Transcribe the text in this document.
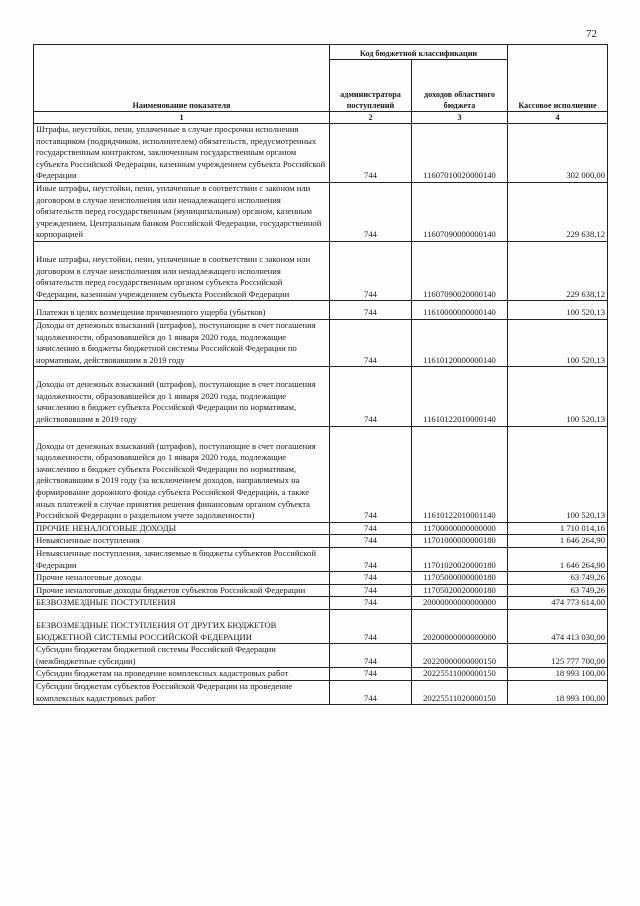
72
Наименование показателя	Код бюджетной классификации		Кассовое исполнение
	администратора поступлений	доходов областного бюджета	
1	2	3	4
Штрафы, неустойки, пени, уплаченные в случае просрочки исполнения поставщиком (подрядчиком, исполнителем) обязательств, предусмотренных государственным контрактом, заключенным государственным органом субъекта Российской Федерации, казенным учреждением субъекта Российской Федерации	744	11607010020000140	302 000,00
Иные штрафы, неустойки, пени, уплаченные в соответствии с законом или договором в случае неисполнения или ненадлежащего исполнения обязательств перед государственным (муниципальным) органом, казенным учреждением, Центральным банком Российской Федерации, государственной корпорацией	744	11607090000000140	229 638,12
Иные штрафы, неустойки, пени, уплаченные в соответствии с законом или договором в случае неисполнения или ненадлежащего исполнения обязательств перед государственным органом субъекта Российской Федерации, казенным учреждением субъекта Российской Федерации	744	11607090020000140	229 638,12
Платежи в целях возмещения причиненного ущерба (убытков)	744	11610000000000140	100 520,13
Доходы от денежных взысканий (штрафов), поступающие в счет погашения задолженности, образовавшейся до 1 января 2020 года, подлежащие зачислению в бюджеты бюджетной системы Российской Федерации по нормативам, действовавшим в 2019 году	744	11610120000000140	100 520,13
Доходы от денежных взысканий (штрафов), поступающие в счет погашения задолженности, образовавшейся до 1 января 2020 года, подлежащие зачислению в бюджет субъекта Российской Федерации по нормативам, действовавшим в 2019 году	744	11610122010000140	100 520,13
Доходы от денежных взысканий (штрафов), поступающие в счет погашения задолженности, образовавшейся до 1 января 2020 года, подлежащие зачислению в бюджет субъекта Российской Федерации по нормативам, действовавшим в 2019 году (за исключением доходов, направляемых на формирование дорожного фонда субъекта Российской Федерации, а также иных платежей в случае принятия решения финансовым органом субъекта Российской Федерации о раздельном учете задолженности)	744	11610122010001140	100 520,13
ПРОЧИЕ НЕНАЛОГОВЫЕ ДОХОДЫ	744	11700000000000000	1 710 014,16
Невыясненные поступления	744	11701000000000180	1 646 264,90
Невыясненные поступления, зачисляемые в бюджеты субъектов Российской Федерации	744	11701020020000180	1 646 264,90
Прочие неналоговые доходы	744	11705000000000180	63 749,26
Прочие неналоговые доходы бюджетов субъектов Российской Федерации	744	11705020020000180	63 749,26
БЕЗВОЗМЕЗДНЫЕ ПОСТУПЛЕНИЯ	744	20000000000000000	474 773 614,00
БЕЗВОЗМЕЗДНЫЕ ПОСТУПЛЕНИЯ ОТ ДРУГИХ БЮДЖЕТОВ БЮДЖЕТНОЙ СИСТЕМЫ РОССИЙСКОЙ ФЕДЕРАЦИИ	744	20200000000000000	474 413 030,00
Субсидии бюджетам бюджетной системы Российской Федерации (межбюджетные субсидии)	744	20220000000000150	125 777 700,00
Субсидии бюджетам на проведение комплексных кадастровых работ	744	20225511000000150	18 993 100,00
Субсидии бюджетам субъектов Российской Федерации на проведение комплексных кадастровых работ	744	20225511020000150	18 993 100,00
